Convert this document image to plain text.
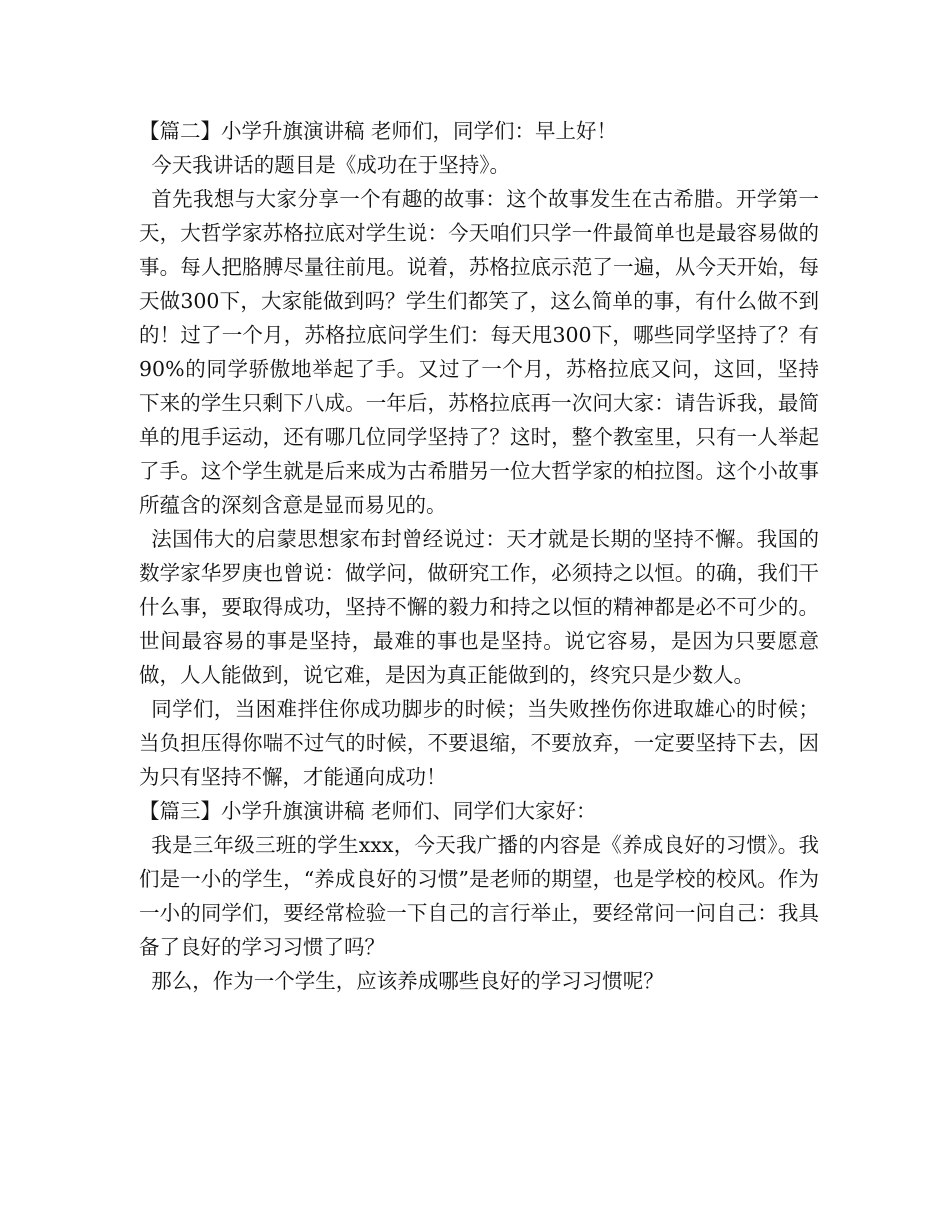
【篇二】小学升旗演讲稿 老师们，同学们：早上好！

今天我讲话的题目是《成功在于坚持》。

首先我想与大家分享一个有趣的故事：这个故事发生在古希腊。开学第一天，大哲学家苏格拉底对学生说：今天咱们只学一件最简单也是最容易做的事。每人把胳膊尽量往前甩。说着，苏格拉底示范了一遍，从今天开始，每天做300下，大家能做到吗？学生们都笑了，这么简单的事，有什么做不到的！过了一个月，苏格拉底问学生们：每天甩300下，哪些同学坚持了？有90%的同学骄傲地举起了手。又过了一个月，苏格拉底又问，这回，坚持下来的学生只剩下八成。一年后，苏格拉底再一次问大家：请告诉我，最简单的甩手运动，还有哪几位同学坚持了？这时，整个教室里，只有一人举起了手。这个学生就是后来成为古希腊另一位大哲学家的柏拉图。这个小故事所蕴含的深刻含意是显而易见的。

法国伟大的启蒙思想家布封曾经说过：天才就是长期的坚持不懈。我国的数学家华罗庚也曾说：做学问，做研究工作，必须持之以恒。的确，我们干什么事，要取得成功，坚持不懈的毅力和持之以恒的精神都是必不可少的。世间最容易的事是坚持，最难的事也是坚持。说它容易，是因为只要愿意做，人人能做到，说它难，是因为真正能做到的，终究只是少数人。

同学们，当困难拌住你成功脚步的时候；当失败挫伤你进取雄心的时候；当负担压得你喘不过气的时候，不要退缩，不要放弃，一定要坚持下去，因为只有坚持不懈，才能通向成功！

【篇三】小学升旗演讲稿 老师们、同学们大家好：

我是三年级三班的学生xxx，今天我广播的内容是《养成良好的习惯》。我们是一小的学生，“养成良好的习惯”是老师的期望，也是学校的校风。作为一小的同学们，要经常检验一下自己的言行举止，要经常问一问自己：我具备了良好的学习习惯了吗？

那么，作为一个学生，应该养成哪些良好的学习习惯呢？
